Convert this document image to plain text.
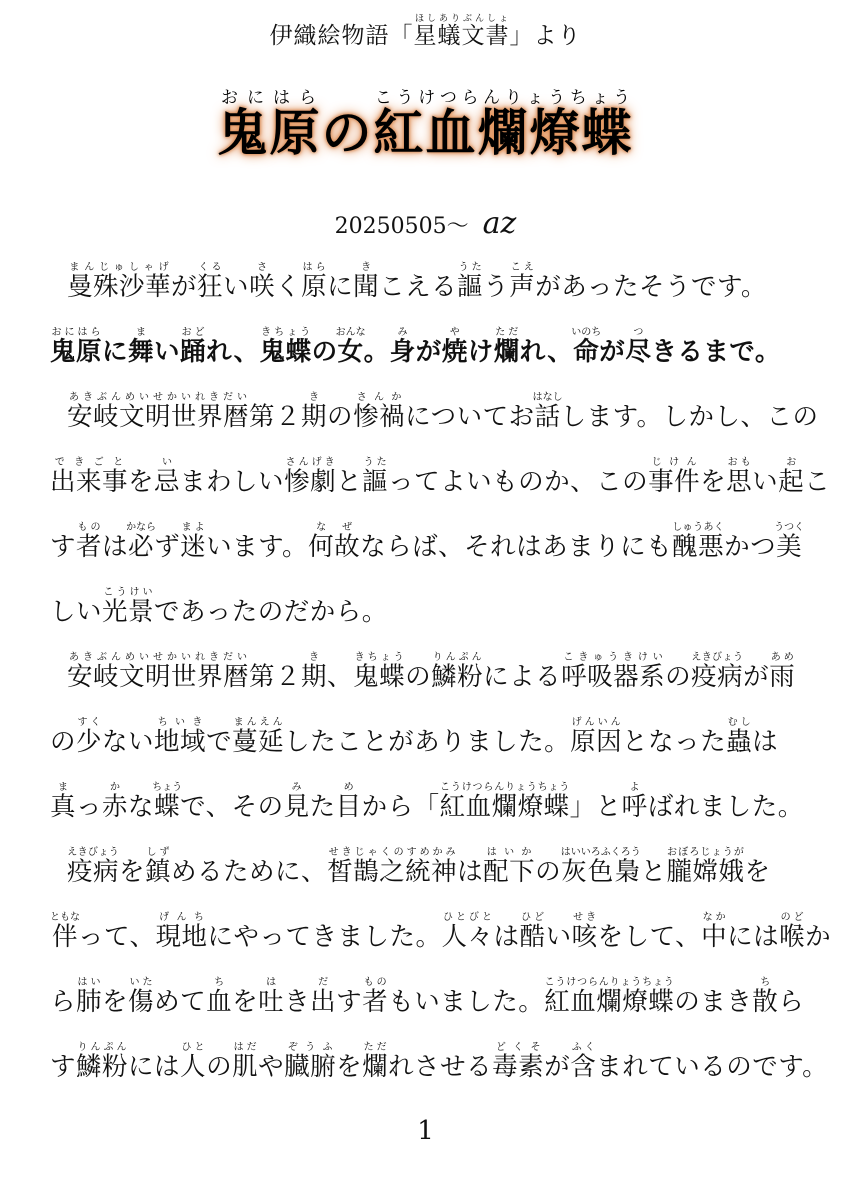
伊織絵物語「星蟻文書ほしありぶんしょ」より
鬼原おにはらの紅血爛燎蝶こうけつらんりょうちょう
20250505〜 az
曼殊沙華まんじゅしゃげが狂くるい咲さく原はらに聞きこえる謳うたう声こえがあったそうです。
鬼原おにはらに舞まい踊おどれ、鬼蝶きちょうの女おんな。身みが焼やけ爛ただれ、命いのちが尽つきるまで。
安岐文明世界暦あきぶんめいせかいれきだい第２期きの惨禍さんかについてお話はなしします。しかし、この
出来事できごとを忌いまわしい惨劇さんげきと謳うたってよいものか、この事件じけんを思おもい起おこ
す者ものは必かならず迷まよいます。何故なぜならば、それはあまりにも醜悪しゅうあくかつ美うつく
しい光景こうけいであったのだから。
安岐文明世界暦あきぶんめいせかいれきだい第２期き、鬼蝶きちょうの鱗粉りんぷんによる呼吸器系こきゅうきけいの疫病えきびょうが雨あめ
の少すくない地域ちいきで蔓延まんえんしたことがありました。原因げんいんとなった蟲むしは
真まっ赤かな蝶ちょうで、その見みた目めから「紅血爛燎蝶こうけつらんりょうちょう」と呼よばれました。
疫病えきびょうを鎮しずめるために、皙鵲之統神せきじゃくのすめかみは配下はいかの灰色梟はいいろふくろうと朧嫦娥おぼろじょうがを
伴ともなって、現地げんちにやってきました。人々ひとびとは酷ひどい咳せきをして、中なかには喉のどか
ら肺はいを傷いためて血ちを吐はき出だす者ものもいました。紅血爛燎蝶こうけつらんりょうちょうのまき散ちら
す鱗粉りんぷんには人ひとの肌はだや臓腑ぞうふを爛ただれさせる毒素どくそが含ふくまれているのです。
1
